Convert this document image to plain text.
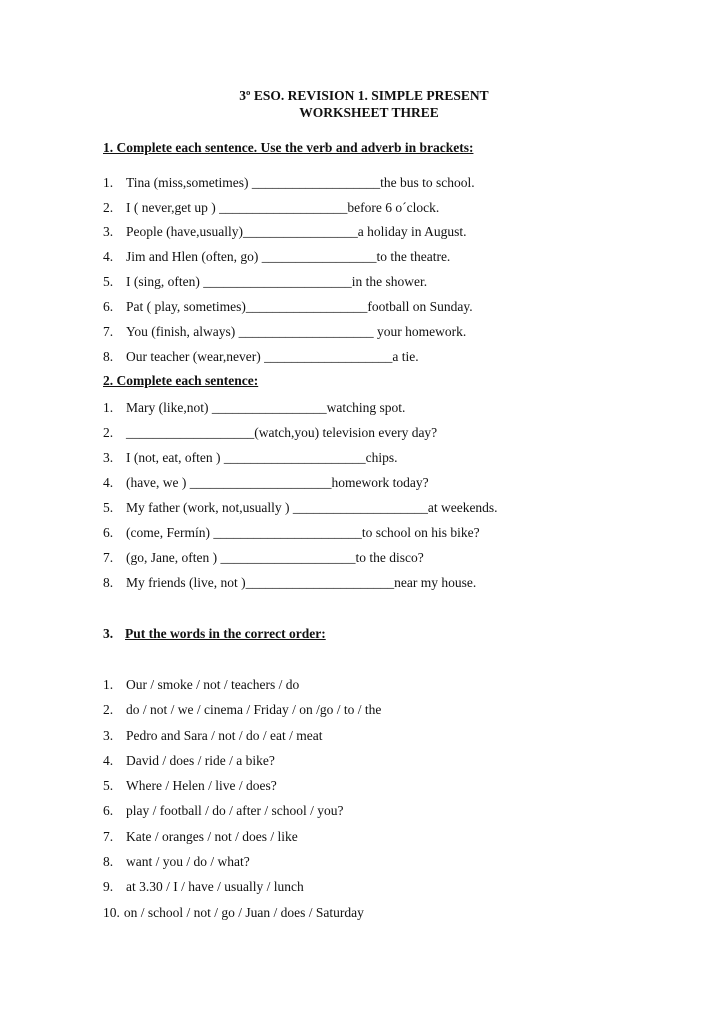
3º ESO. REVISION 1. SIMPLE PRESENT
WORKSHEET THREE
1. Complete each sentence. Use the verb and adverb in brackets:
1. Tina (miss,sometimes) ___________________the bus to school.
2. I ( never,get up ) ___________________before 6 o´clock.
3. People (have,usually)_________________a holiday in August.
4. Jim and Hlen (often, go) _________________to the theatre.
5. I (sing, often) ______________________in the shower.
6. Pat ( play, sometimes)__________________football on Sunday.
7. You (finish, always) ____________________ your homework.
8. Our teacher (wear,never) ___________________a tie.
2. Complete each sentence:
1. Mary (like,not) _________________watching spot.
2. ___________________(watch,you) television every day?
3. I (not, eat, often ) _____________________chips.
4. (have, we ) _____________________homework today?
5. My father (work, not,usually ) ____________________at weekends.
6. (come, Fermín) ______________________to school on his bike?
7. (go, Jane, often ) ____________________to the disco?
8. My friends (live, not )______________________near my house.
3. Put the words in the correct order:
1. Our / smoke / not / teachers / do
2. do / not / we / cinema / Friday / on /go / to / the
3. Pedro and Sara / not / do / eat / meat
4. David / does / ride / a bike?
5. Where / Helen / live / does?
6. play / football / do / after / school / you?
7. Kate / oranges / not / does / like
8. want / you / do / what?
9. at 3.30 / I / have / usually / lunch
10. on / school / not / go / Juan / does / Saturday
